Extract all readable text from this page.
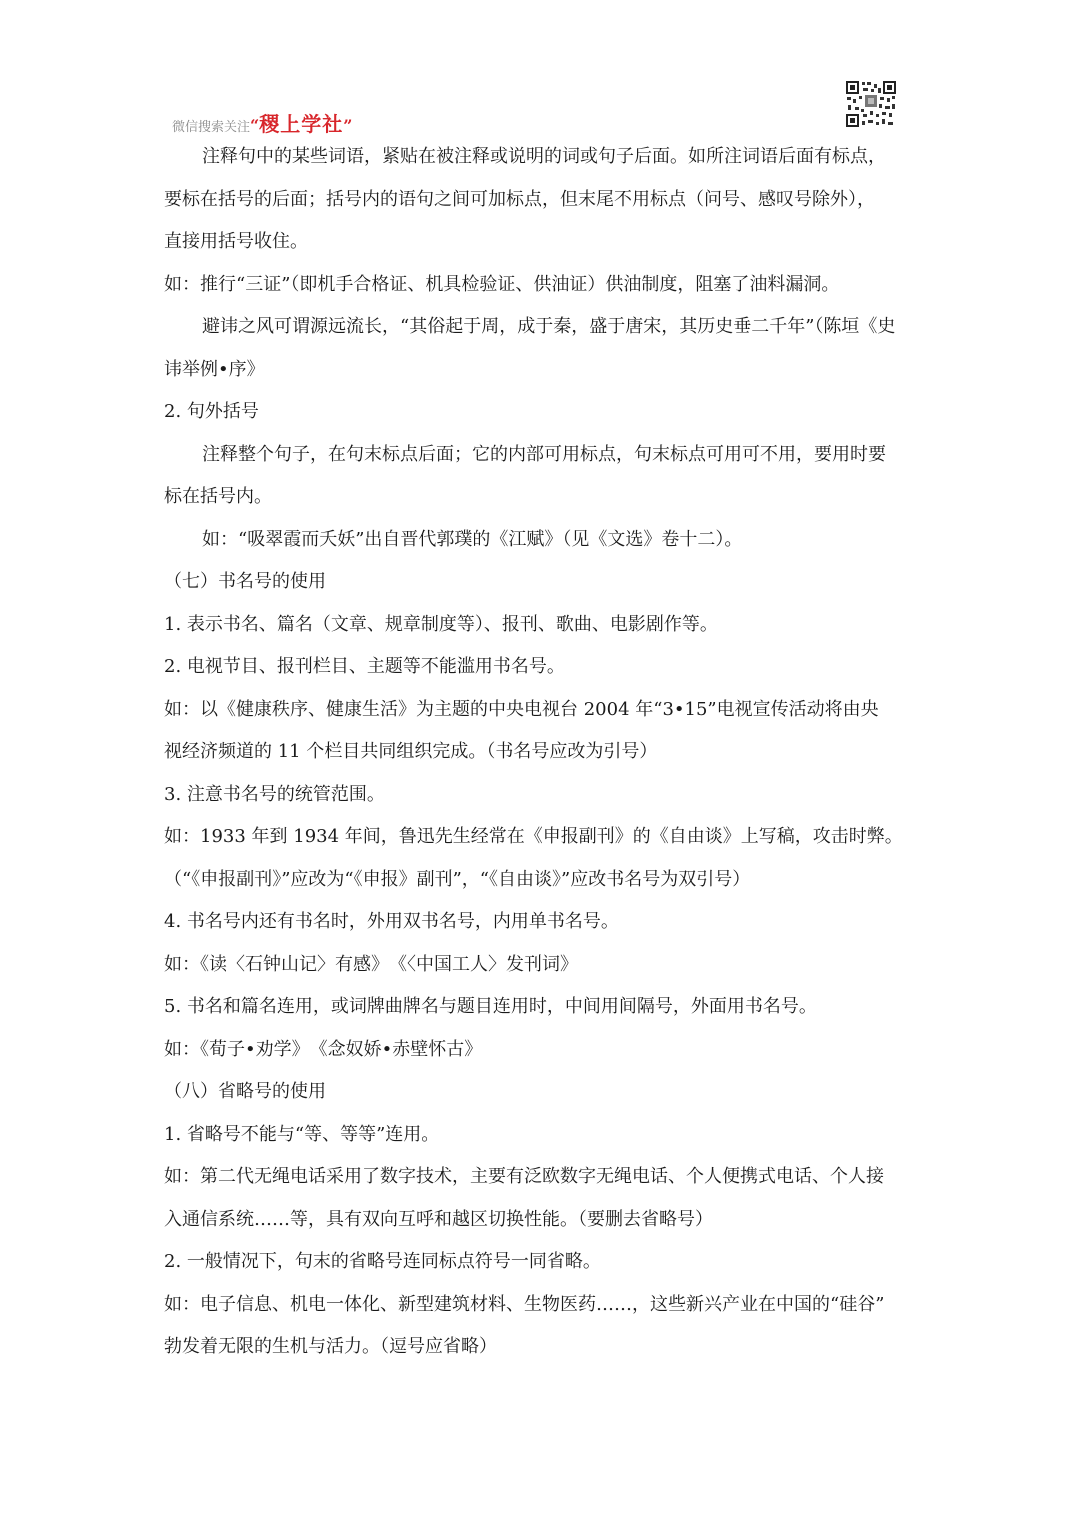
微信搜索关注“稷上学社”
注释句中的某些词语，紧贴在被注释或说明的词或句子后面。如所注词语后面有标点，
要标在括号的后面；括号内的语句之间可加标点，但末尾不用标点（问号、感叹号除外），
直接用括号收住。
如：推行“三证”（即机手合格证、机具检验证、供油证）供油制度，阻塞了油料漏洞。
避讳之风可谓源远流长，“其俗起于周，成于秦，盛于唐宋，其历史垂二千年”（陈垣《史
讳举例•序》
2. 句外括号
注释整个句子，在句末标点后面；它的内部可用标点，句末标点可用可不用，要用时要
标在括号内。
如：“吸翠霞而夭妖”出自晋代郭璞的《江赋》（见《文选》卷十二）。
（七）书名号的使用
1. 表示书名、篇名（文章、规章制度等）、报刊、歌曲、电影剧作等。
2. 电视节目、报刊栏目、主题等不能滥用书名号。
如：以《健康秩序、健康生活》为主题的中央电视台 2004 年“3•15”电视宣传活动将由央
视经济频道的 11 个栏目共同组织完成。（书名号应改为引号）
3. 注意书名号的统管范围。
如：1933 年到 1934 年间，鲁迅先生经常在《申报副刊》的《自由谈》上写稿，攻击时弊。
（“《申报副刊》”应改为“《申报》副刊”，“《自由谈》”应改书名号为双引号）
4. 书名号内还有书名时，外用双书名号，内用单书名号。
如：《读〈石钟山记〉有感》　《〈中国工人〉发刊词》
5. 书名和篇名连用，或词牌曲牌名与题目连用时，中间用间隔号，外面用书名号。
如：《荀子•劝学》　《念奴娇•赤壁怀古》
（八）省略号的使用
1. 省略号不能与“等、等等”连用。
如：第二代无绳电话采用了数字技术，主要有泛欧数字无绳电话、个人便携式电话、个人接
入通信系统……等，具有双向互呼和越区切换性能。（要删去省略号）
2. 一般情况下，句末的省略号连同标点符号一同省略。
如：电子信息、机电一体化、新型建筑材料、生物医药……，这些新兴产业在中国的“硅谷”
勃发着无限的生机与活力。（逗号应省略）
